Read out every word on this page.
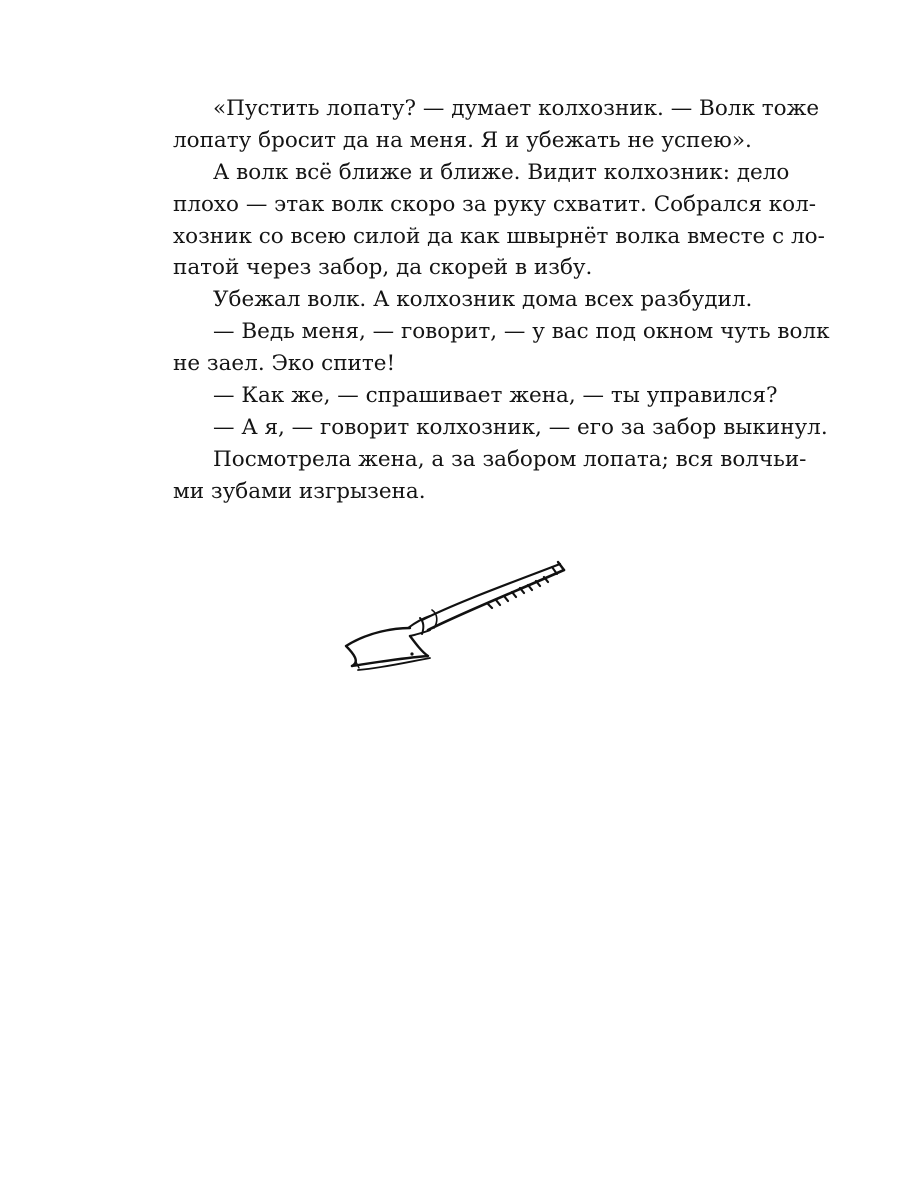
«Пустить лопату? — думает колхозник. — Волк тоже
лопату бросит да на меня. Я и убежать не успею».

А волк всё ближе и ближе. Видит колхозник: дело
плохо — этак волк скоро за руку схватит. Собрался кол-
хозник со всею силой да как швырнёт волка вместе с ло-
патой через забор, да скорей в избу.

Убежал волк. А колхозник дома всех разбудил.

— Ведь меня, — говорит, — у вас под окном чуть волк
не заел. Эко спите!

— Как же, — спрашивает жена, — ты управился?

— А я, — говорит колхозник, — его за забор выкинул.

Посмотрела жена, а за забором лопата; вся волчьи-
ми зубами изгрызена.
